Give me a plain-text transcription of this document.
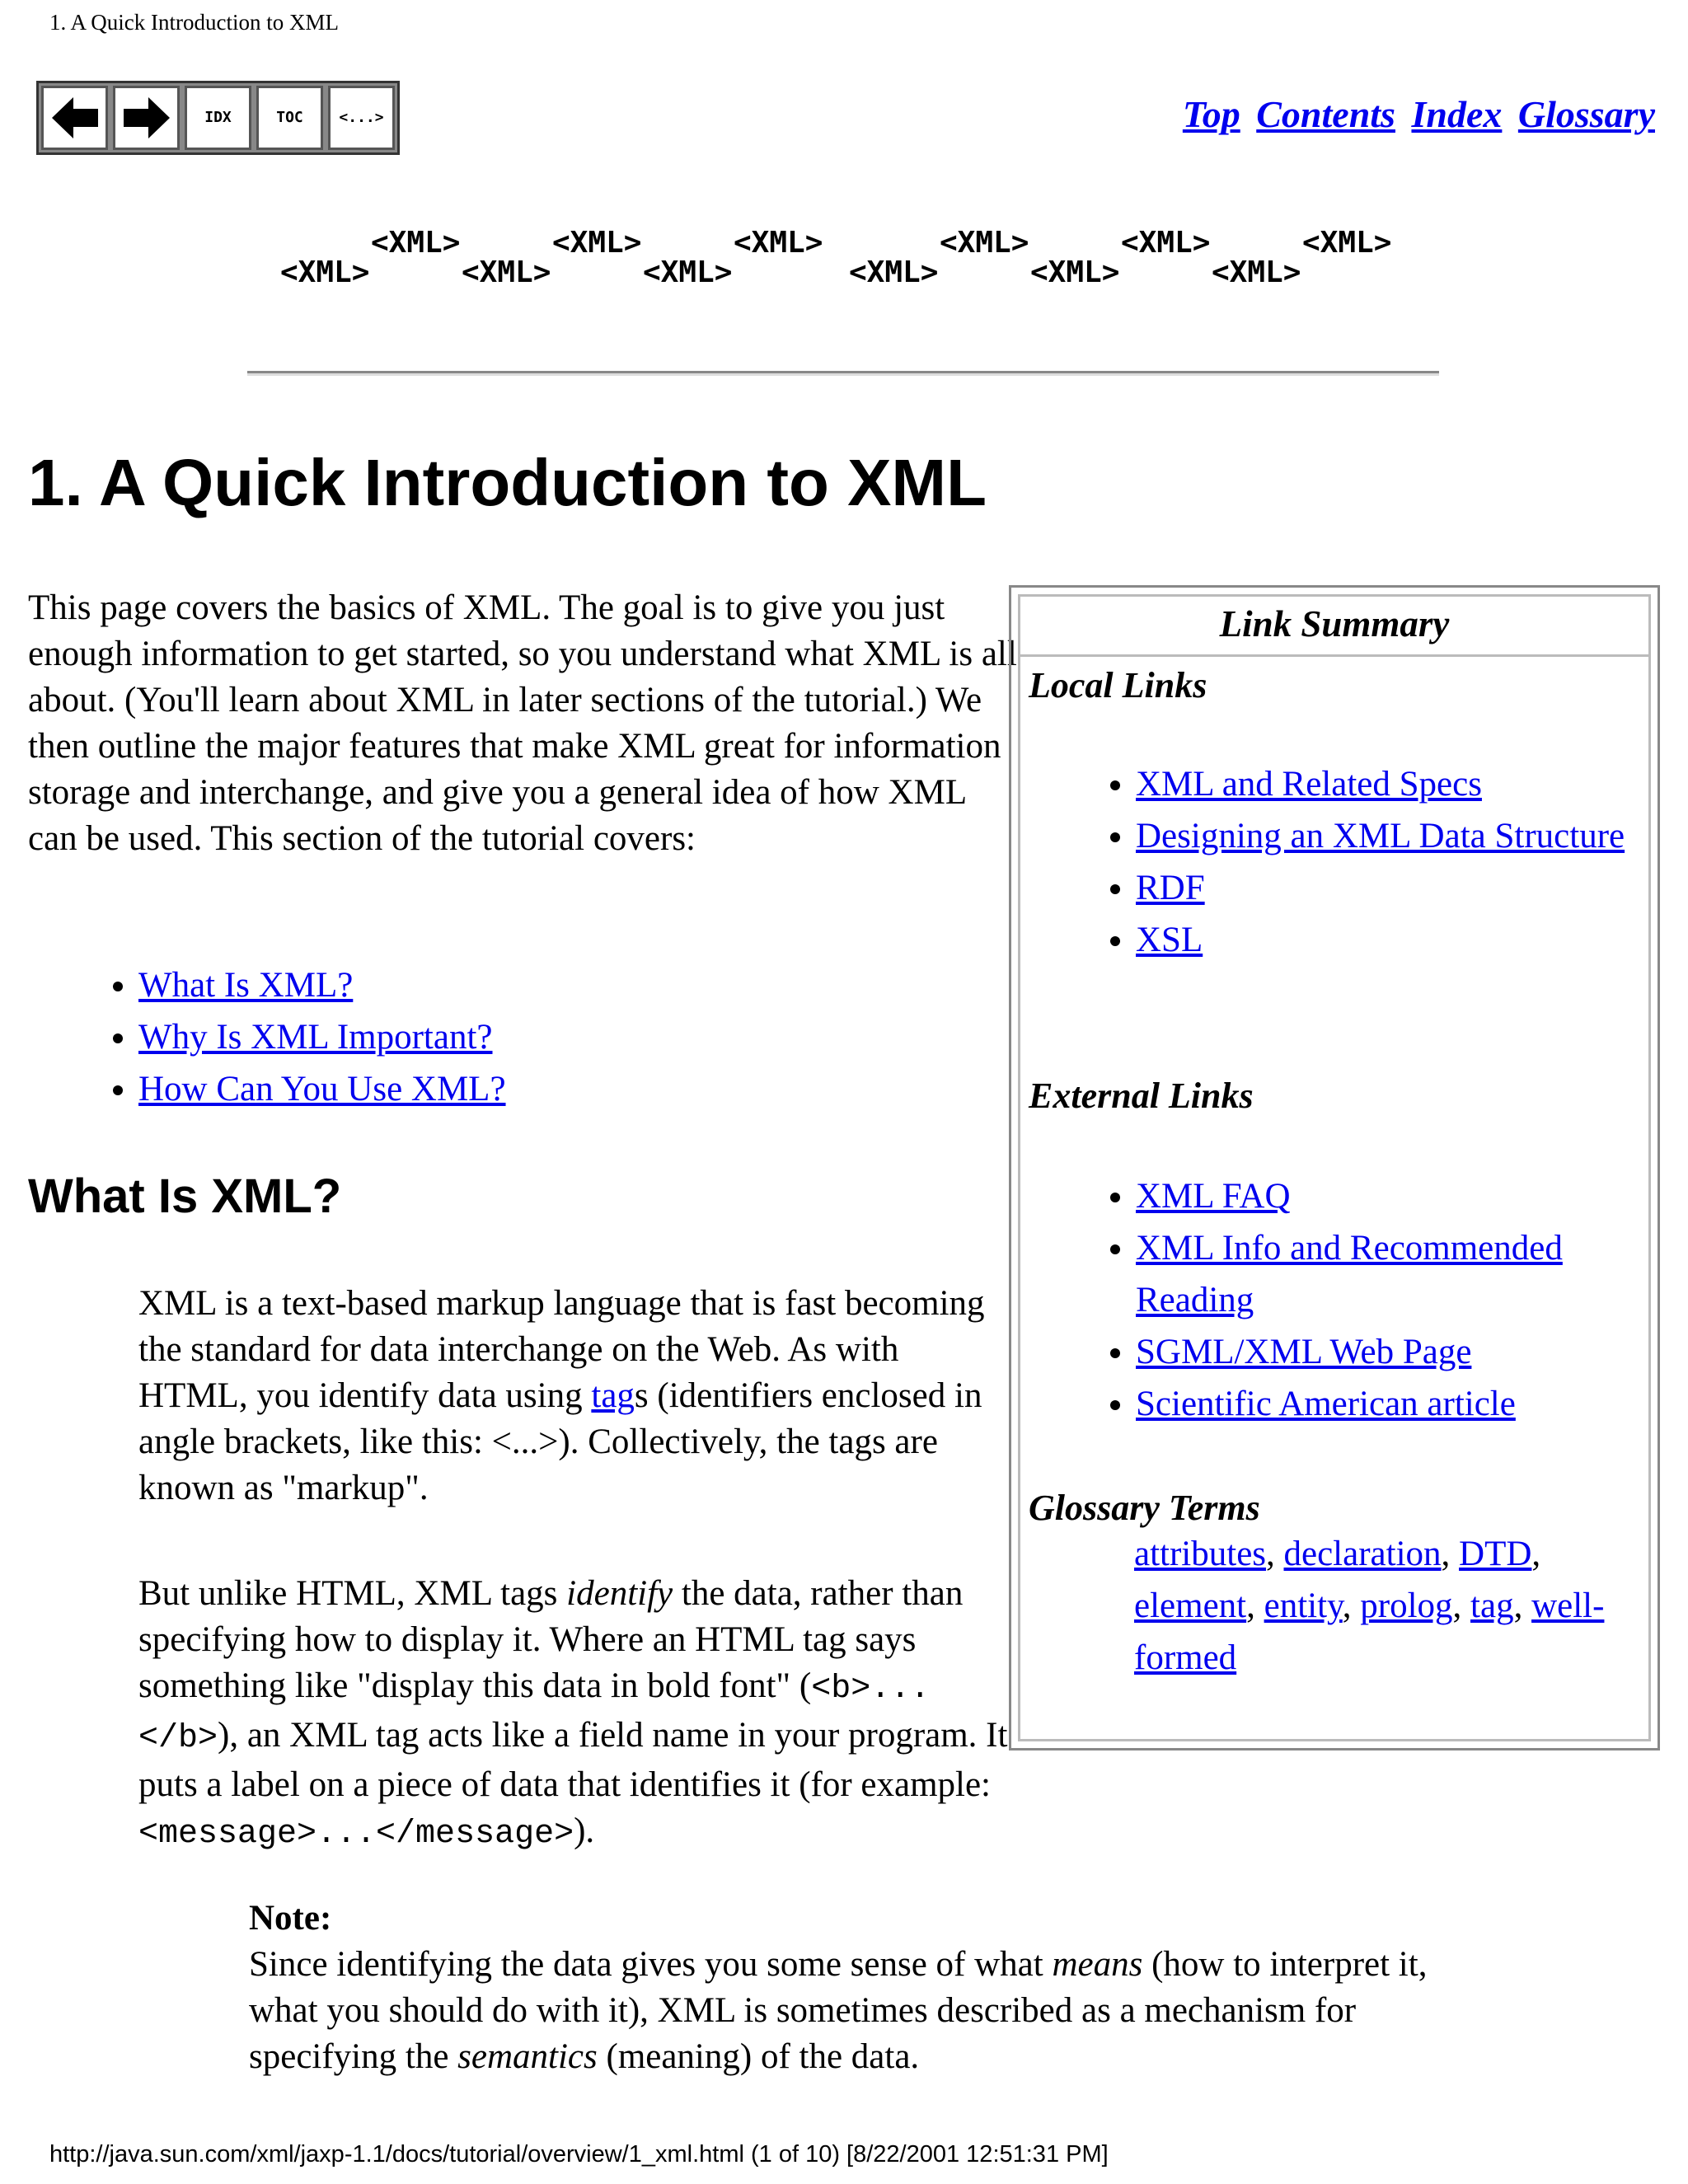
1. A Quick Introduction to XML
IDX	TOC <...>	Top Contents Index Glossary
<XML>
<XML>
<XML>
<XML>
<XML>
<XML>
<XML>
<XML>
<XML>
<XML>
<XML>
<XML>
1. A Quick Introduction to XML

This page covers the basics of XML. The goal is to give you just enough information to get started, so you understand what XML is all about. (You'll learn about XML in later sections of the tutorial.) We then outline the major features that make XML great for information storage and interchange, and give you a general idea of how XML can be used. This section of the tutorial covers:

• What Is XML?
• Why Is XML Important?
• How Can You Use XML?
What Is XML?

XML is a text-based markup language that is fast becoming the standard for data interchange on the Web. As with HTML, you identify data using tags (identifiers enclosed in angle brackets, like this: <...>). Collectively, the tags are known as "markup".

But unlike HTML, XML tags identify the data, rather than specifying how to display it. Where an HTML tag says something like "display this data in bold font" (<b>...</b>), an XML tag acts like a field name in your program. It puts a label on a piece of data that identifies it (for example:
<message>...</message>).

Note:
Since identifying the data gives you some sense of what means (how to interpret it, what you should do with it), XML is sometimes described as a mechanism for specifying the semantics (meaning) of the data.
Link Summary
Local Links
• XML and Related Specs
• Designing an XML Data Structure
• RDF
• XSL
External Links
• XML FAQ
• XML Info and Recommended Reading
• SGML/XML Web Page
• Scientific American article
Glossary Terms
attributes, declaration, DTD, element, entity, prolog, tag, well-formed
http://java.sun.com/xml/jaxp-1.1/docs/tutorial/overview/1_xml.html (1 of 10) [8/22/2001 12:51:31 PM]
